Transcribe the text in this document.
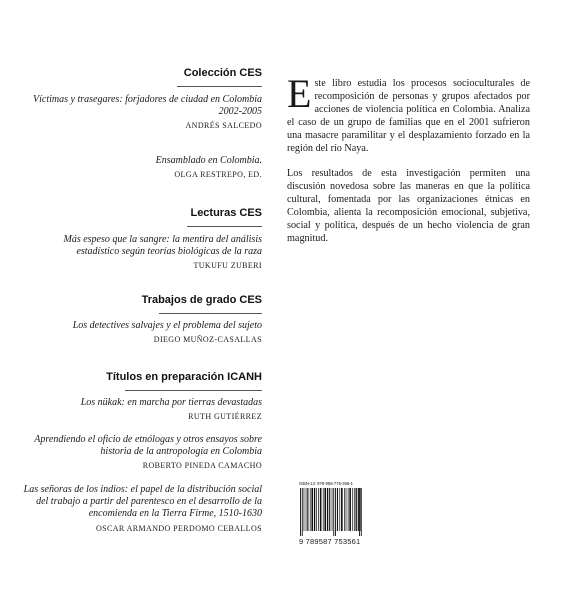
Colección CES
Víctimas y trasegares: forjadores de ciudad en Colombia 2002-2005
ANDRÉS SALCEDO
Ensamblado en Colombia.
OLGA RESTREPO, ED.
Lecturas CES
Más espeso que la sangre: la mentira del análisis estadístico según teorías biológicas de la raza
TUKUFU ZUBERI
Trabajos de grado CES
Los detectives salvajes y el problema del sujeto
DIEGO MUÑOZ-CASALLAS
Títulos en preparación ICANH
Los nükak: en marcha por tierras devastadas
RUTH GUTIÉRREZ
Aprendiendo el oficio de etnólogas y otros ensayos sobre historia de la antropología en Colombia
ROBERTO PINEDA CAMACHO
Las señoras de los indios: el papel de la distribución social del trabajo a partir del parentesco en el desarrollo de la encomienda en la Tierra Firme, 1510-1630
OSCAR ARMANDO PERDOMO CEBALLOS

Este libro estudia los procesos socioculturales de recomposición de personas y grupos afectados por acciones de violencia política en Colombia. Analiza el caso de un grupo de familias que en el 2001 sufrieron una masacre paramilitar y el desplazamiento forzado en la región del río Naya.

Los resultados de esta investigación permiten una discusión novedosa sobre las maneras en que la política cultural, fomentada por las organizaciones étnicas en Colombia, alienta la recomposición emocional, subjetiva, social y política, después de un hecho violencia de gran magnitud.

ISBN-13: 978-958-775-356-1
9 789587 753561
